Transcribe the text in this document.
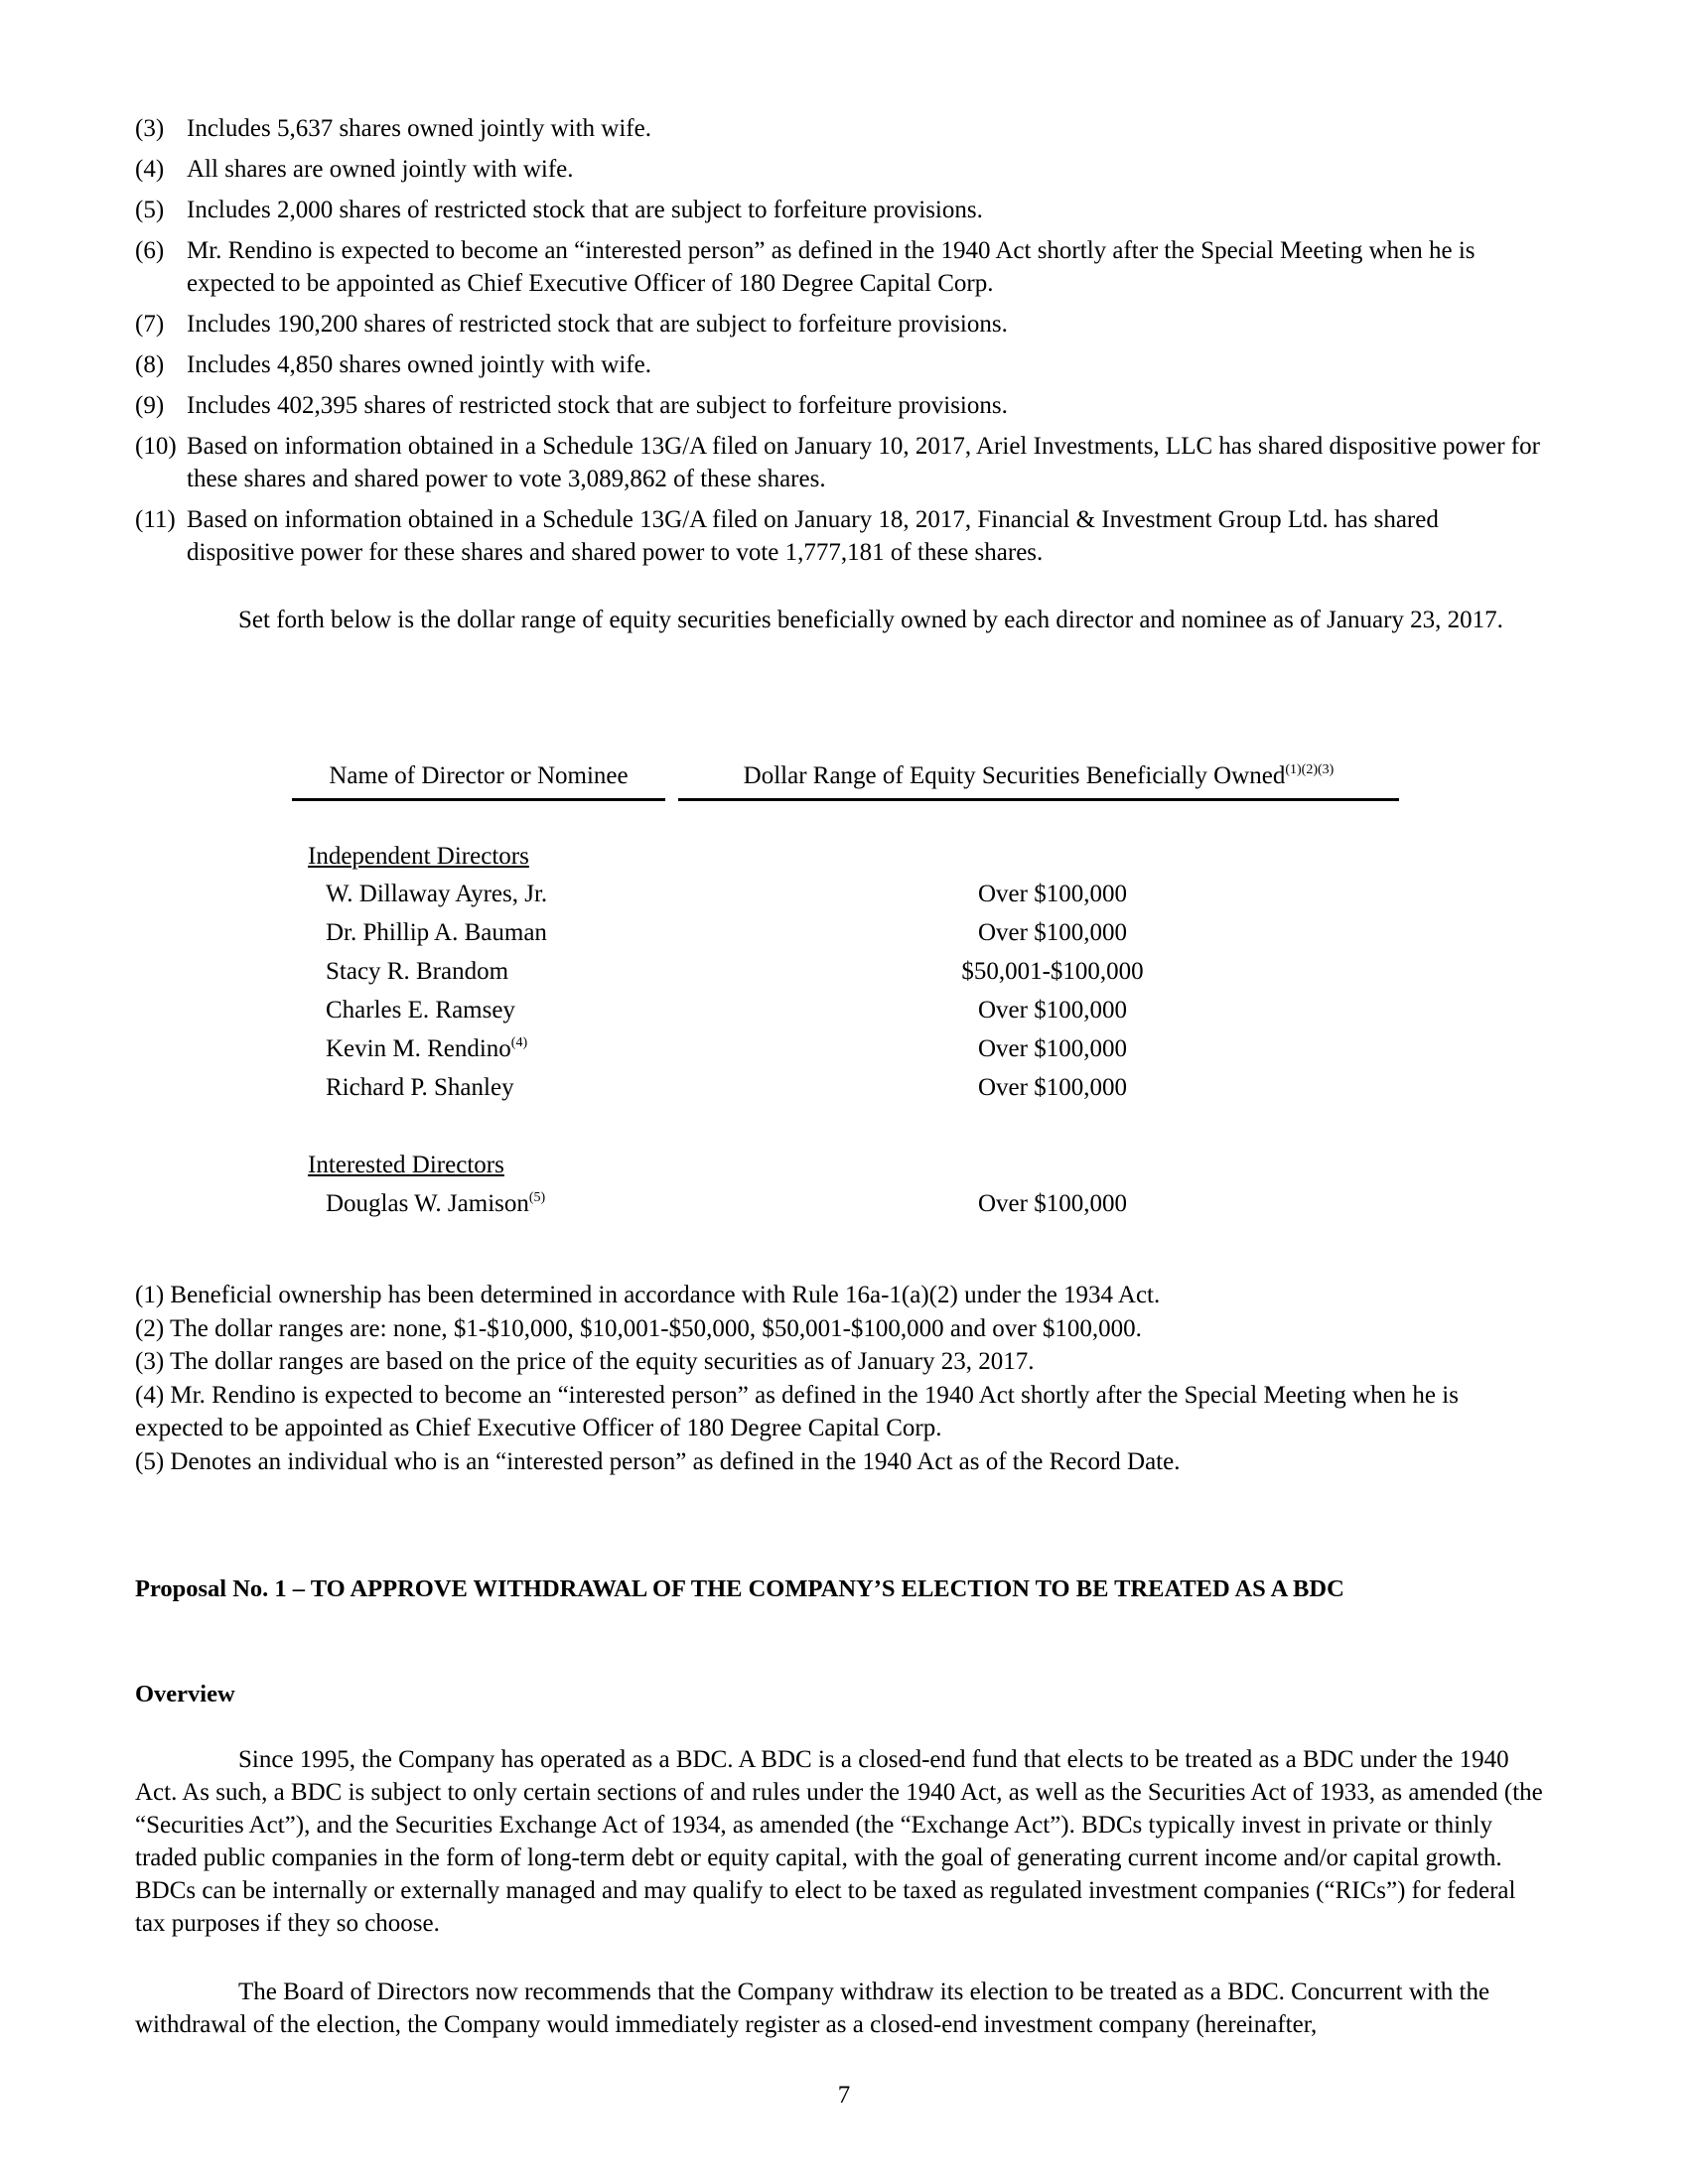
(3) Includes 5,637 shares owned jointly with wife.
(4) All shares are owned jointly with wife.
(5) Includes 2,000 shares of restricted stock that are subject to forfeiture provisions.
(6) Mr. Rendino is expected to become an “interested person” as defined in the 1940 Act shortly after the Special Meeting when he is expected to be appointed as Chief Executive Officer of 180 Degree Capital Corp.
(7) Includes 190,200 shares of restricted stock that are subject to forfeiture provisions.
(8) Includes 4,850 shares owned jointly with wife.
(9) Includes 402,395 shares of restricted stock that are subject to forfeiture provisions.
(10) Based on information obtained in a Schedule 13G/A filed on January 10, 2017, Ariel Investments, LLC has shared dispositive power for these shares and shared power to vote 3,089,862 of these shares.
(11) Based on information obtained in a Schedule 13G/A filed on January 18, 2017, Financial & Investment Group Ltd. has shared dispositive power for these shares and shared power to vote 1,777,181 of these shares.
Set forth below is the dollar range of equity securities beneficially owned by each director and nominee as of January 23, 2017.
Name of Director or Nominee	Dollar Range of Equity Securities Beneficially Owned$^{(1)(2)(3)}$
Independent Directors
W. Dillaway Ayres, Jr.	Over $100,000
Dr. Phillip A. Bauman	Over $100,000
Stacy R. Brandom	$50,001-$100,000
Charles E. Ramsey	Over $100,000
Kevin M. Rendino$^{(4)}$	Over $100,000
Richard P. Shanley	Over $100,000
Interested Directors
Douglas W. Jamison$^{(5)}$	Over $100,000
(1) Beneficial ownership has been determined in accordance with Rule 16a-1(a)(2) under the 1934 Act.
(2) The dollar ranges are: none, $1-$10,000, $10,001-$50,000, $50,001-$100,000 and over $100,000.
(3) The dollar ranges are based on the price of the equity securities as of January 23, 2017.
(4) Mr. Rendino is expected to become an “interested person” as defined in the 1940 Act shortly after the Special Meeting when he is expected to be appointed as Chief Executive Officer of 180 Degree Capital Corp.
(5) Denotes an individual who is an “interested person” as defined in the 1940 Act as of the Record Date.
Proposal No. 1 – TO APPROVE WITHDRAWAL OF THE COMPANY’S ELECTION TO BE TREATED AS A BDC
Overview
Since 1995, the Company has operated as a BDC. A BDC is a closed-end fund that elects to be treated as a BDC under the 1940 Act. As such, a BDC is subject to only certain sections of and rules under the 1940 Act, as well as the Securities Act of 1933, as amended (the “Securities Act”), and the Securities Exchange Act of 1934, as amended (the “Exchange Act”). BDCs typically invest in private or thinly traded public companies in the form of long-term debt or equity capital, with the goal of generating current income and/or capital growth. BDCs can be internally or externally managed and may qualify to elect to be taxed as regulated investment companies (“RICs”) for federal tax purposes if they so choose.
The Board of Directors now recommends that the Company withdraw its election to be treated as a BDC. Concurrent with the withdrawal of the election, the Company would immediately register as a closed-end investment company (hereinafter,
7
